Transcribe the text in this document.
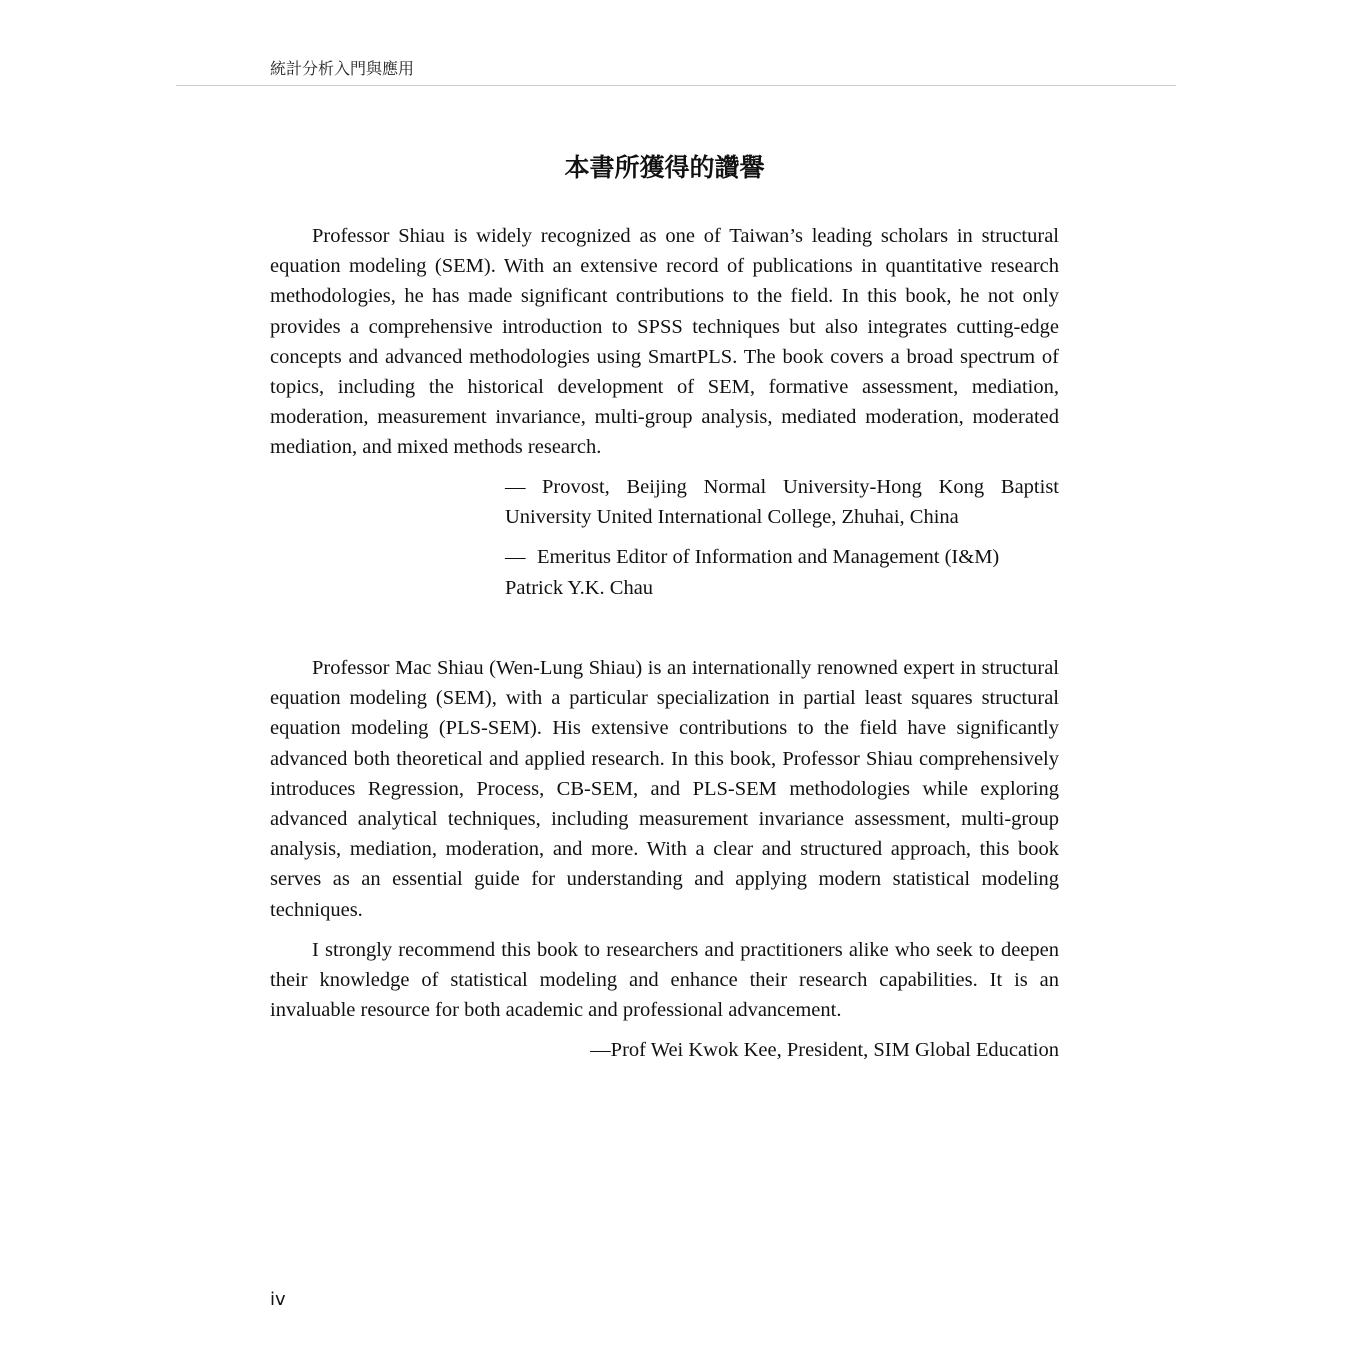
統計分析入門與應用
本書所獲得的讚譽

Professor Shiau is widely recognized as one of Taiwan’s leading scholars in structural equation modeling (SEM). With an extensive record of publications in quantitative research methodologies, he has made significant contributions to the field. In this book, he not only provides a comprehensive introduction to SPSS techniques but also integrates cutting-edge concepts and advanced methodologies using SmartPLS. The book covers a broad spectrum of topics, including the historical development of SEM, formative assessment, mediation, moderation, measurement invariance, multi-group analysis, mediated moderation, moderated mediation, and mixed methods research.

— Provost, Beijing Normal University-Hong Kong Baptist University United International College, Zhuhai, China

— Emeritus Editor of Information and Management (I&M)

Patrick Y.K. Chau

Professor Mac Shiau (Wen-Lung Shiau) is an internationally renowned expert in structural equation modeling (SEM), with a particular specialization in partial least squares structural equation modeling (PLS-SEM). His extensive contributions to the field have significantly advanced both theoretical and applied research. In this book, Professor Shiau comprehensively introduces Regression, Process, CB-SEM, and PLS-SEM methodologies while exploring advanced analytical techniques, including measurement invariance assessment, multi-group analysis, mediation, moderation, and more. With a clear and structured approach, this book serves as an essential guide for understanding and applying modern statistical modeling techniques.

I strongly recommend this book to researchers and practitioners alike who seek to deepen their knowledge of statistical modeling and enhance their research capabilities. It is an invaluable resource for both academic and professional advancement.

—Prof Wei Kwok Kee, President, SIM Global Education
iv
